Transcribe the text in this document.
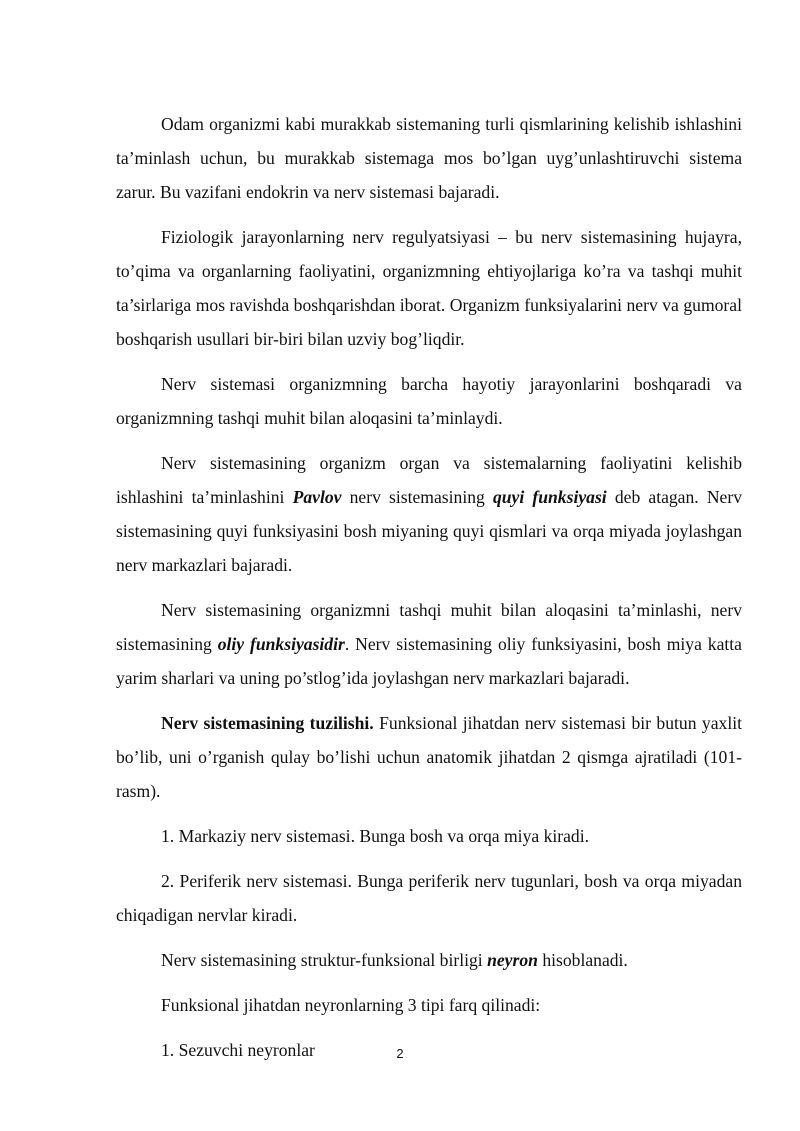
Odam organizmi kabi murakkab sistemaning turli qismlarining kelishib ishlashini ta’minlash uchun, bu murakkab sistemaga mos bo’lgan uyg’unlashtiruvchi sistema zarur. Bu vazifani endokrin va nerv sistemasi bajaradi.

Fiziologik jarayonlarning nerv regulyatsiyasi – bu nerv sistemasining hujayra, to’qima va organlarning faoliyatini, organizmning ehtiyojlariga ko’ra va tashqi muhit ta’sirlariga mos ravishda boshqarishdan iborat. Organizm funksiyalarini nerv va gumoral boshqarish usullari bir-biri bilan uzviy bog’liqdir.

Nerv sistemasi organizmning barcha hayotiy jarayonlarini boshqaradi va organizmning tashqi muhit bilan aloqasini ta’minlaydi.

Nerv sistemasining organizm organ va sistemalarning faoliyatini kelishib ishlashini ta’minlashini Pavlov nerv sistemasining quyi funksiyasi deb atagan. Nerv sistemasining quyi funksiyasini bosh miyaning quyi qismlari va orqa miyada joylashgan nerv markazlari bajaradi.

Nerv sistemasining organizmni tashqi muhit bilan aloqasini ta’minlashi, nerv sistemasining oliy funksiyasidir. Nerv sistemasining oliy funksiyasini, bosh miya katta yarim sharlari va uning po’stlog’ida joylashgan nerv markazlari bajaradi.

Nerv sistemasining tuzilishi. Funksional jihatdan nerv sistemasi bir butun yaxlit bo’lib, uni o’rganish qulay bo’lishi uchun anatomik jihatdan 2 qismga ajratiladi (101-rasm).

1. Markaziy nerv sistemasi. Bunga bosh va orqa miya kiradi.

2. Periferik nerv sistemasi. Bunga periferik nerv tugunlari, bosh va orqa miyadan chiqadigan nervlar kiradi.

Nerv sistemasining struktur-funksional birligi neyron hisoblanadi.

Funksional jihatdan neyronlarning 3 tipi farq qilinadi:

1. Sezuvchi neyronlar	2
